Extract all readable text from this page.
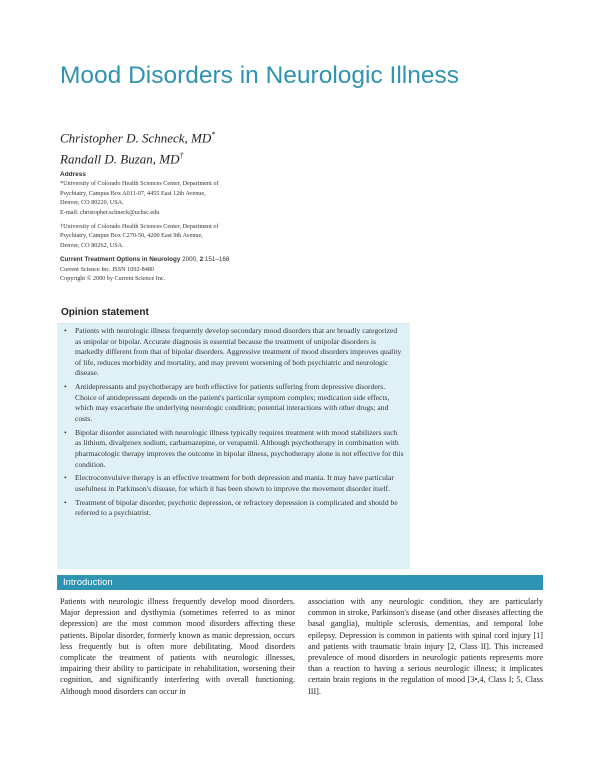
Mood Disorders in Neurologic Illness
Christopher D. Schneck, MD*
Randall D. Buzan, MD†
Address
*University of Colorado Health Sciences Center, Department of
Psychiatry, Campus Box A011-07, 4455 East 12th Avenue,
Denver, CO 80220, USA.
E-mail: christopher.schneck@uchsc.edu
†University of Colorado Health Sciences Center, Department of
Psychiatry, Campus Box C270-50, 4200 East 9th Avenue,
Denver, CO 80262, USA.
Current Treatment Options in Neurology 2000, 2:151–168
Current Science Inc. ISSN 1092-8480
Copyright © 2000 by Current Science Inc.
Opinion statement
• Patients with neurologic illness frequently develop secondary mood disorders that are broadly categorized as unipolar or bipolar. Accurate diagnosis is essential because the treatment of unipolar disorders is markedly different from that of bipolar disorders. Aggressive treatment of mood disorders improves quality of life, reduces morbidity and mortality, and may prevent worsening of both psychiatric and neurologic disease.
• Antidepressants and psychotherapy are both effective for patients suffering from depressive disorders. Choice of antidepressant depends on the patient's particular symptom complex; medication side effects, which may exacerbate the underlying neurologic condition; potential interactions with other drugs; and costs.
• Bipolar disorder associated with neurologic illness typically requires treatment with mood stabilizers such as lithium, divalproex sodium, carbamazepine, or verapamil. Although psychotherapy in combination with pharmacologic therapy improves the outcome in bipolar illness, psychotherapy alone is not effective for this condition.
• Electroconvulsive therapy is an effective treatment for both depression and mania. It may have particular usefulness in Parkinson's disease, for which it has been shown to improve the movement disorder itself.
• Treatment of bipolar disorder, psychotic depression, or refractory depression is complicated and should be referred to a psychiatrist.
Introduction
Patients with neurologic illness frequently develop mood disorders. Major depression and dysthymia (sometimes referred to as minor depression) are the most common mood disorders affecting these patients. Bipolar disorder, formerly known as manic depression, occurs less frequently but is often more debilitating. Mood disorders complicate the treatment of patients with neurologic illnesses, impairing their ability to participate in rehabilitation, worsening their cognition, and significantly interfering with overall functioning. Although mood disorders can occur in
association with any neurologic condition, they are particularly common in stroke, Parkinson's disease (and other diseases affecting the basal ganglia), multiple sclerosis, dementias, and temporal lobe epilepsy. Depression is common in patients with spinal cord injury [1] and patients with traumatic brain injury [2, Class II]. This increased prevalence of mood disorders in neurologic patients represents more than a reaction to having a serious neurologic illness; it implicates certain brain regions in the regulation of mood [3•,4, Class I; 5, Class III].
